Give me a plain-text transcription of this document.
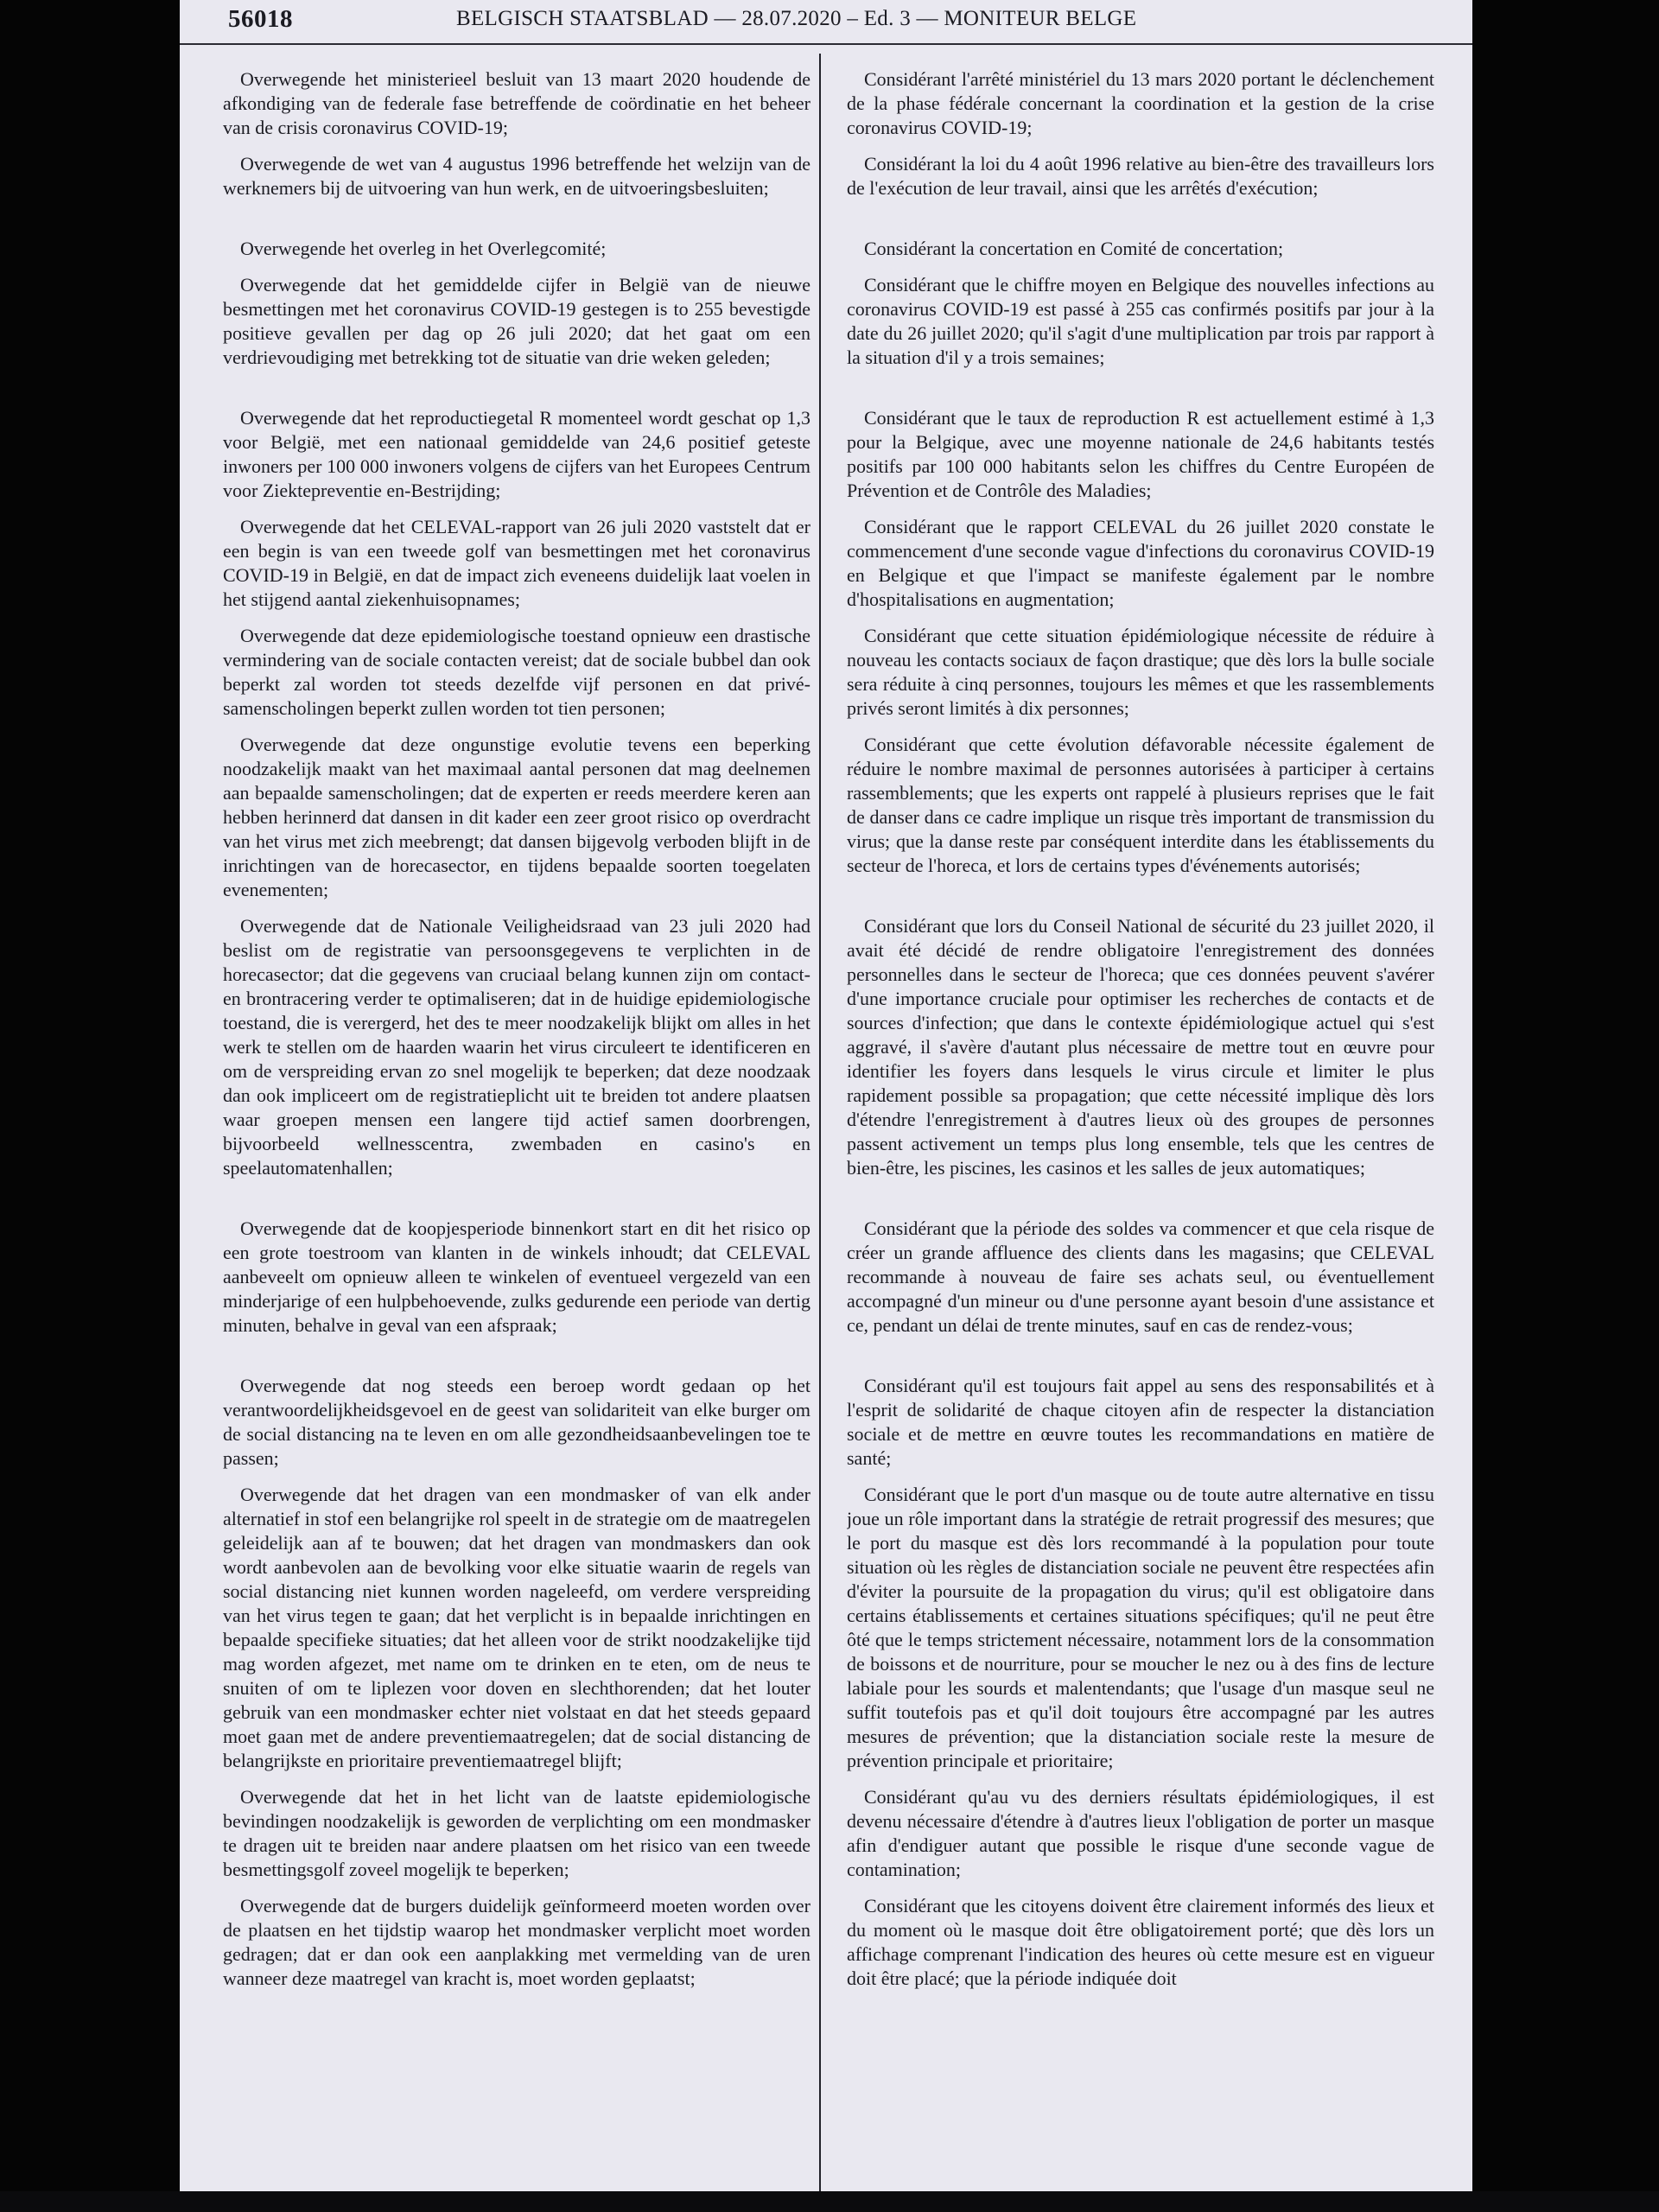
56018	BELGISCH STAATSBLAD — 28.07.2020 – Ed. 3 — MONITEUR BELGE

Overwegende het ministerieel besluit van 13 maart 2020 houdende de afkondiging van de federale fase betreffende de coördinatie en het beheer van de crisis coronavirus COVID-19;

Overwegende de wet van 4 augustus 1996 betreffende het welzijn van de werknemers bij de uitvoering van hun werk, en de uitvoeringsbesluiten;

Overwegende het overleg in het Overlegcomité;

Overwegende dat het gemiddelde cijfer in België van de nieuwe besmettingen met het coronavirus COVID-19 gestegen is to 255 bevestigde positieve gevallen per dag op 26 juli 2020; dat het gaat om een verdrievoudiging met betrekking tot de situatie van drie weken geleden;

Overwegende dat het reproductiegetal R momenteel wordt geschat op 1,3 voor België, met een nationaal gemiddelde van 24,6 positief geteste inwoners per 100 000 inwoners volgens de cijfers van het Europees Centrum voor Ziektepreventie en-Bestrijding;

Overwegende dat het CELEVAL-rapport van 26 juli 2020 vaststelt dat er een begin is van een tweede golf van besmettingen met het coronavirus COVID-19 in België, en dat de impact zich eveneens duidelijk laat voelen in het stijgend aantal ziekenhuisopnames;

Overwegende dat deze epidemiologische toestand opnieuw een drastische vermindering van de sociale contacten vereist; dat de sociale bubbel dan ook beperkt zal worden tot steeds dezelfde vijf personen en dat privé-samenscholingen beperkt zullen worden tot tien personen;

Overwegende dat deze ongunstige evolutie tevens een beperking noodzakelijk maakt van het maximaal aantal personen dat mag deelnemen aan bepaalde samenscholingen; dat de experten er reeds meerdere keren aan hebben herinnerd dat dansen in dit kader een zeer groot risico op overdracht van het virus met zich meebrengt; dat dansen bijgevolg verboden blijft in de inrichtingen van de horecasector, en tijdens bepaalde soorten toegelaten evenementen;

Overwegende dat de Nationale Veiligheidsraad van 23 juli 2020 had beslist om de registratie van persoonsgegevens te verplichten in de horecasector; dat die gegevens van cruciaal belang kunnen zijn om contact- en brontracering verder te optimaliseren; dat in de huidige epidemiologische toestand, die is verergerd, het des te meer noodzakelijk blijkt om alles in het werk te stellen om de haarden waarin het virus circuleert te identificeren en om de verspreiding ervan zo snel mogelijk te beperken; dat deze noodzaak dan ook impliceert om de registratieplicht uit te breiden tot andere plaatsen waar groepen mensen een langere tijd actief samen doorbrengen, bijvoorbeeld wellnesscentra, zwembaden en casino's en speelautomatenhallen;

Overwegende dat de koopjesperiode binnenkort start en dit het risico op een grote toestroom van klanten in de winkels inhoudt; dat CELEVAL aanbeveelt om opnieuw alleen te winkelen of eventueel vergezeld van een minderjarige of een hulpbehoevende, zulks gedurende een periode van dertig minuten, behalve in geval van een afspraak;

Overwegende dat nog steeds een beroep wordt gedaan op het verantwoordelijkheidsgevoel en de geest van solidariteit van elke burger om de social distancing na te leven en om alle gezondheidsaanbevelingen toe te passen;

Overwegende dat het dragen van een mondmasker of van elk ander alternatief in stof een belangrijke rol speelt in de strategie om de maatregelen geleidelijk aan af te bouwen; dat het dragen van mondmaskers dan ook wordt aanbevolen aan de bevolking voor elke situatie waarin de regels van social distancing niet kunnen worden nageleefd, om verdere verspreiding van het virus tegen te gaan; dat het verplicht is in bepaalde inrichtingen en bepaalde specifieke situaties; dat het alleen voor de strikt noodzakelijke tijd mag worden afgezet, met name om te drinken en te eten, om de neus te snuiten of om te liplezen voor doven en slechthorenden; dat het louter gebruik van een mondmasker echter niet volstaat en dat het steeds gepaard moet gaan met de andere preventiemaatregelen; dat de social distancing de belangrijkste en prioritaire preventiemaatregel blijft;

Overwegende dat het in het licht van de laatste epidemiologische bevindingen noodzakelijk is geworden de verplichting om een mondmasker te dragen uit te breiden naar andere plaatsen om het risico van een tweede besmettingsgolf zoveel mogelijk te beperken;

Overwegende dat de burgers duidelijk geïnformeerd moeten worden over de plaatsen en het tijdstip waarop het mondmasker verplicht moet worden gedragen; dat er dan ook een aanplakking met vermelding van de uren wanneer deze maatregel van kracht is, moet worden geplaatst;

Considérant l'arrêté ministériel du 13 mars 2020 portant le déclenchement de la phase fédérale concernant la coordination et la gestion de la crise coronavirus COVID-19;

Considérant la loi du 4 août 1996 relative au bien-être des travailleurs lors de l'exécution de leur travail, ainsi que les arrêtés d'exécution;

Considérant la concertation en Comité de concertation;

Considérant que le chiffre moyen en Belgique des nouvelles infections au coronavirus COVID-19 est passé à 255 cas confirmés positifs par jour à la date du 26 juillet 2020; qu'il s'agit d'une multiplication par trois par rapport à la situation d'il y a trois semaines;

Considérant que le taux de reproduction R est actuellement estimé à 1,3 pour la Belgique, avec une moyenne nationale de 24,6 habitants testés positifs par 100 000 habitants selon les chiffres du Centre Européen de Prévention et de Contrôle des Maladies;

Considérant que le rapport CELEVAL du 26 juillet 2020 constate le commencement d'une seconde vague d'infections du coronavirus COVID-19 en Belgique et que l'impact se manifeste également par le nombre d'hospitalisations en augmentation;

Considérant que cette situation épidémiologique nécessite de réduire à nouveau les contacts sociaux de façon drastique; que dès lors la bulle sociale sera réduite à cinq personnes, toujours les mêmes et que les rassemblements privés seront limités à dix personnes;

Considérant que cette évolution défavorable nécessite également de réduire le nombre maximal de personnes autorisées à participer à certains rassemblements; que les experts ont rappelé à plusieurs reprises que le fait de danser dans ce cadre implique un risque très important de transmission du virus; que la danse reste par conséquent interdite dans les établissements du secteur de l'horeca, et lors de certains types d'événements autorisés;

Considérant que lors du Conseil National de sécurité du 23 juillet 2020, il avait été décidé de rendre obligatoire l'enregistrement des données personnelles dans le secteur de l'horeca; que ces données peuvent s'avérer d'une importance cruciale pour optimiser les recherches de contacts et de sources d'infection; que dans le contexte épidémiologique actuel qui s'est aggravé, il s'avère d'autant plus nécessaire de mettre tout en œuvre pour identifier les foyers dans lesquels le virus circule et limiter le plus rapidement possible sa propagation; que cette nécessité implique dès lors d'étendre l'enregistrement à d'autres lieux où des groupes de personnes passent activement un temps plus long ensemble, tels que les centres de bien-être, les piscines, les casinos et les salles de jeux automatiques;

Considérant que la période des soldes va commencer et que cela risque de créer un grande affluence des clients dans les magasins; que CELEVAL recommande à nouveau de faire ses achats seul, ou éventuellement accompagné d'un mineur ou d'une personne ayant besoin d'une assistance et ce, pendant un délai de trente minutes, sauf en cas de rendez-vous;

Considérant qu'il est toujours fait appel au sens des responsabilités et à l'esprit de solidarité de chaque citoyen afin de respecter la distanciation sociale et de mettre en œuvre toutes les recommandations en matière de santé;

Considérant que le port d'un masque ou de toute autre alternative en tissu joue un rôle important dans la stratégie de retrait progressif des mesures; que le port du masque est dès lors recommandé à la population pour toute situation où les règles de distanciation sociale ne peuvent être respectées afin d'éviter la poursuite de la propagation du virus; qu'il est obligatoire dans certains établissements et certaines situations spécifiques; qu'il ne peut être ôté que le temps strictement nécessaire, notamment lors de la consommation de boissons et de nourriture, pour se moucher le nez ou à des fins de lecture labiale pour les sourds et malentendants; que l'usage d'un masque seul ne suffit toutefois pas et qu'il doit toujours être accompagné par les autres mesures de prévention; que la distanciation sociale reste la mesure de prévention principale et prioritaire;

Considérant qu'au vu des derniers résultats épidémiologiques, il est devenu nécessaire d'étendre à d'autres lieux l'obligation de porter un masque afin d'endiguer autant que possible le risque d'une seconde vague de contamination;

Considérant que les citoyens doivent être clairement informés des lieux et du moment où le masque doit être obligatoirement porté; que dès lors un affichage comprenant l'indication des heures où cette mesure est en vigueur doit être placé; que la période indiquée doit
